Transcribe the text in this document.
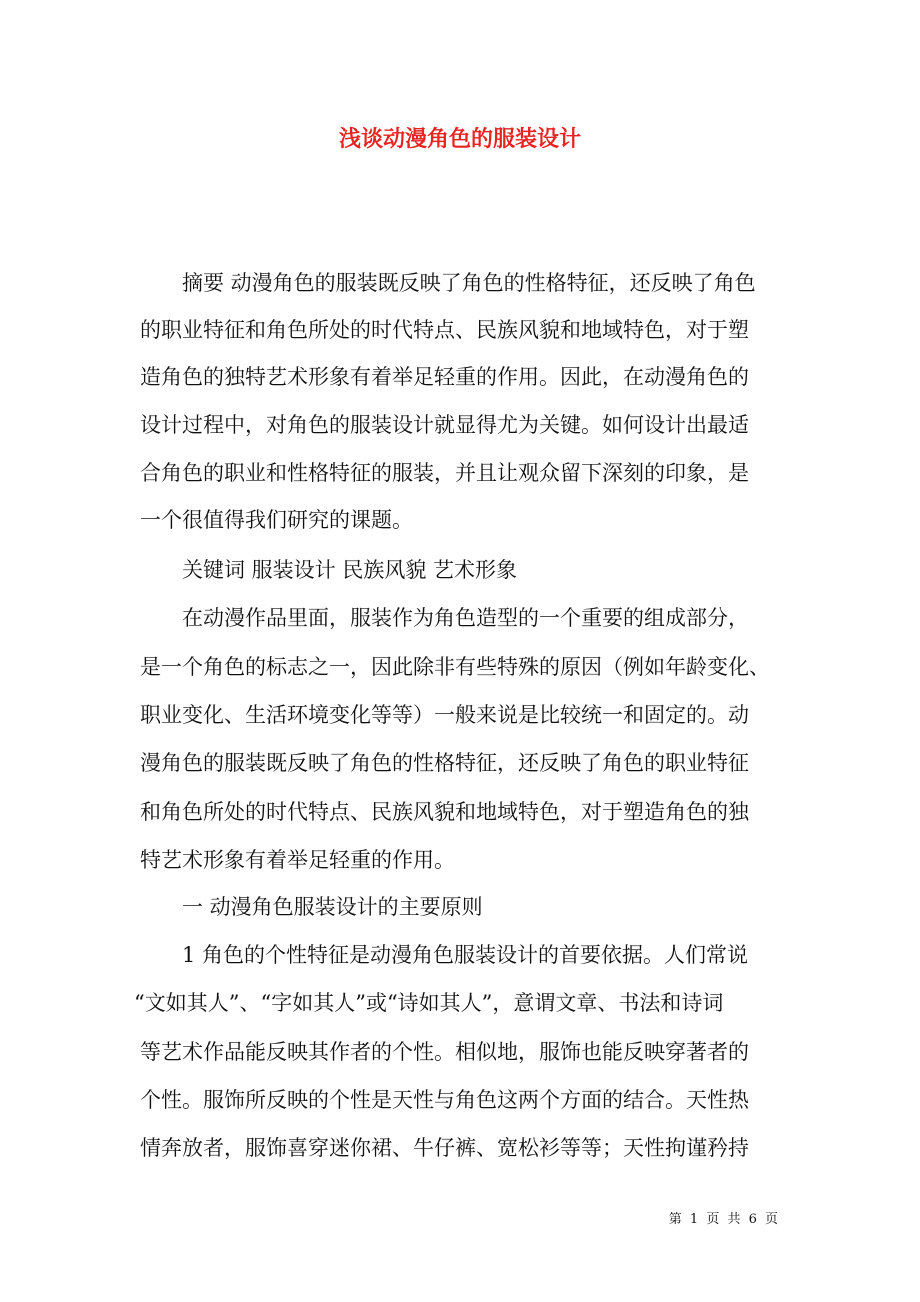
浅谈动漫角色的服装设计
摘要 动漫角色的服装既反映了角色的性格特征，还反映了角色
的职业特征和角色所处的时代特点、民族风貌和地域特色，对于塑
造角色的独特艺术形象有着举足轻重的作用。因此，在动漫角色的
设计过程中，对角色的服装设计就显得尤为关键。如何设计出最适
合角色的职业和性格特征的服装，并且让观众留下深刻的印象，是
一个很值得我们研究的课题。
关键词 服装设计 民族风貌 艺术形象
在动漫作品里面，服装作为角色造型的一个重要的组成部分，
是一个角色的标志之一，因此除非有些特殊的原因（例如年龄变化、
职业变化、生活环境变化等等）一般来说是比较统一和固定的。动
漫角色的服装既反映了角色的性格特征，还反映了角色的职业特征
和角色所处的时代特点、民族风貌和地域特色，对于塑造角色的独
特艺术形象有着举足轻重的作用。
一 动漫角色服装设计的主要原则
1 角色的个性特征是动漫角色服装设计的首要依据。人们常说
“文如其人”、“字如其人”或“诗如其人”，意谓文章、书法和诗词
等艺术作品能反映其作者的个性。相似地，服饰也能反映穿著者的
个性。服饰所反映的个性是天性与角色这两个方面的结合。天性热
情奔放者，服饰喜穿迷你裙、牛仔裤、宽松衫等等；天性拘谨矜持
第 1 页 共 6 页
